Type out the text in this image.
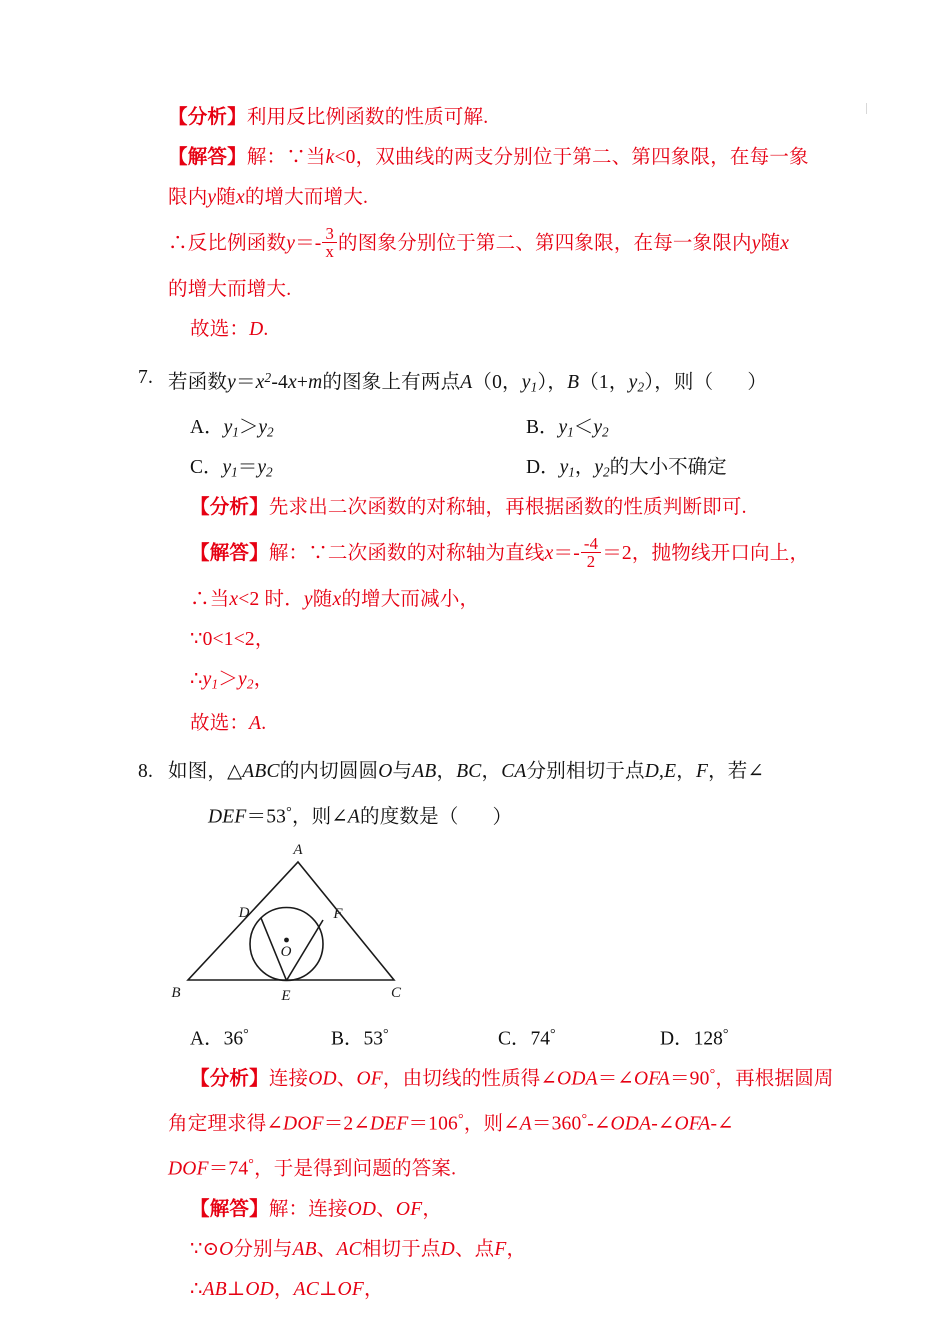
【分析】利用反比例函数的性质可解.
【解答】解：∵当k<0，双曲线的两支分别位于第二、第四象限，在每一象
限内y随x的增大而增大.
∴反比例函数$y=- \frac{3}{x}$ 的图象分别位于第二、第四象限，在每一象限内y随x
的增大而增大.
故选：D.
7. 若函数$y=x^2-4x+m$的图象上有两点A（0，$y_1$），B（1，$y_2$），则（ ）
A．$y_1>y_2$	B．$y_1<y_2$
C．$y_1=y_2$	D．$y_1$，$y_2$的大小不确定
【分析】先求出二次函数的对称轴，再根据函数的性质判断即可.
【解答】解：∵二次函数的对称轴为直线$x=- \frac{-4}{2} =2$，抛物线开口向上，
∴当x<2 时．y随x的增大而减小，
∵0<1<2，
$\therefore y_1>y_2$，
故选：A.
8. 如图，△ABC的内切圆圆O与AB，BC，CA分别相切于点D,E，F，若∠
DEF＝53°，则∠A的度数是（ ）
A
D	F
O
B	E	C
A．36°	B．53°	C．74°	D．128°
【分析】连接OD、OF，由切线的性质得∠ODA＝∠OFA＝90°，再根据圆周
角定理求得∠DOF＝2∠DEF＝106°，则∠A＝360°-∠ODA-∠OFA-∠
DOF＝74°，于是得到问题的答案.
【解答】解：连接OD、OF，
∵⊙O分别与AB、AC相切于点D、点F，
∴AB⊥OD，AC⊥OF，
